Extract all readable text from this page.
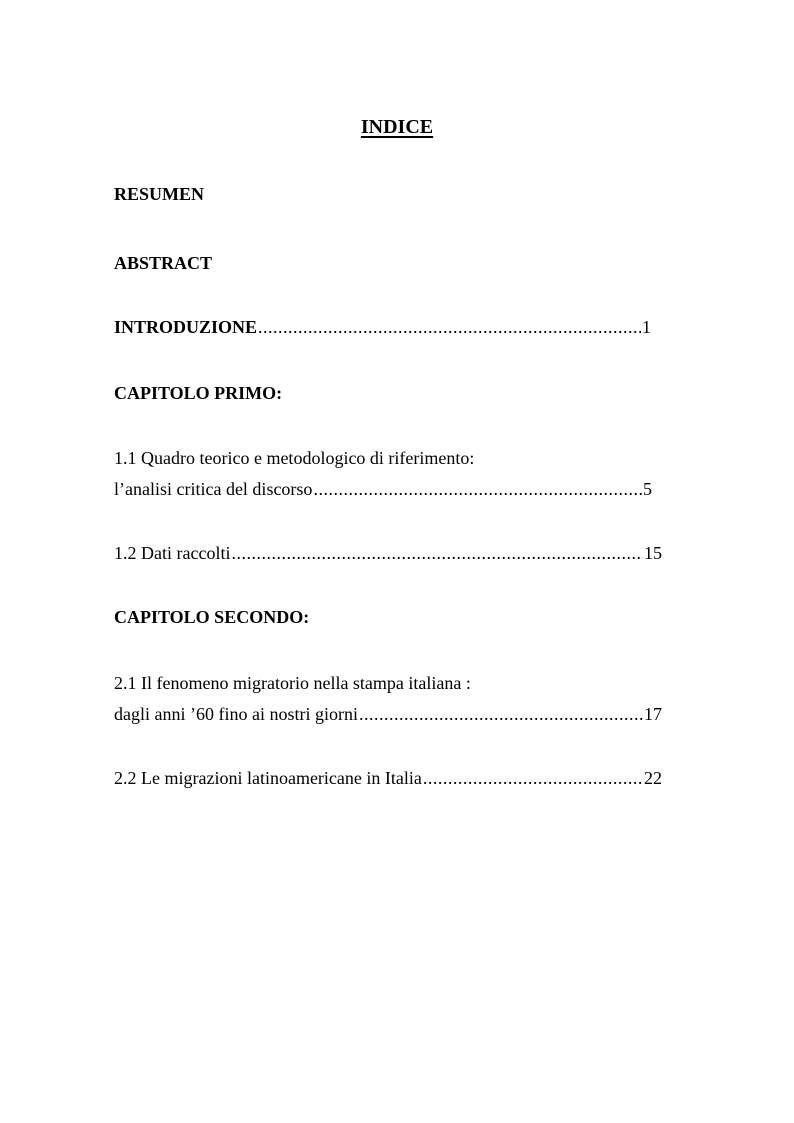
INDICE
RESUMEN
ABSTRACT
INTRODUZIONE .....	1
CAPITOLO PRIMO:
1.1 Quadro teorico e metodologico di riferimento:
l’analisi critica del discorso .....	5
1.2 Dati raccolti .....	15
CAPITOLO SECONDO:
2.1 Il fenomeno migratorio nella stampa italiana :
dagli anni ’60 fino ai nostri giorni .....	17
2.2 Le migrazioni latinoamericane in Italia .....	22
